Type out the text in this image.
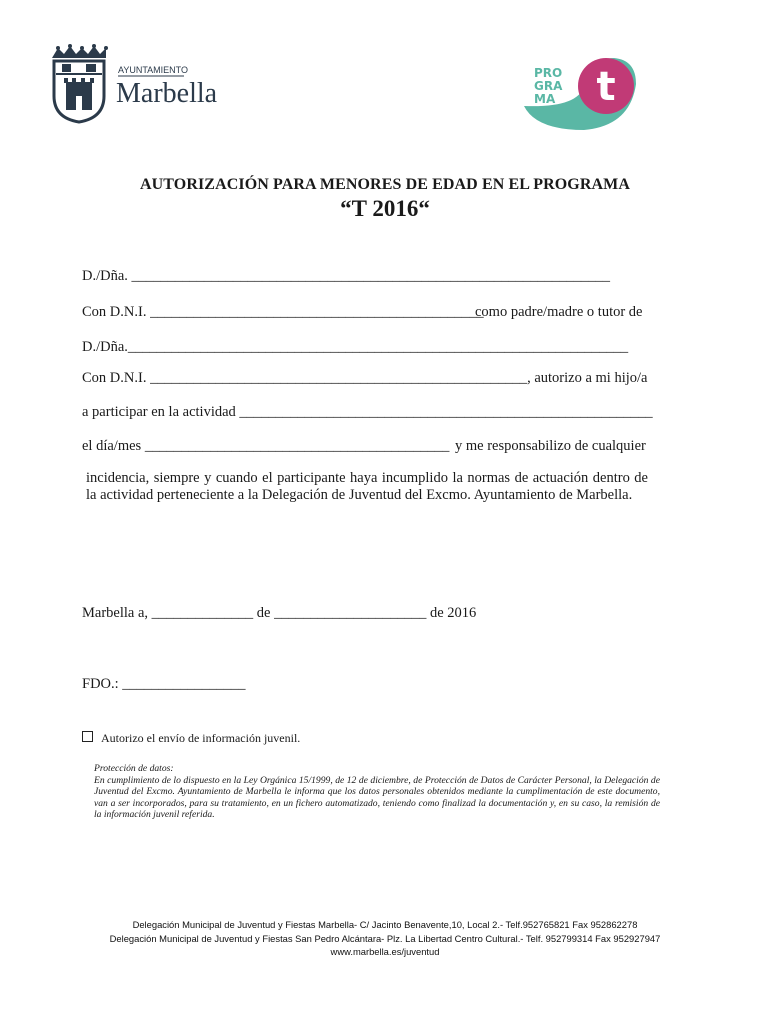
AYUNTAMIENTO
Marbella	t
PRO
GRA
MA
AUTORIZACIÓN PARA MENORES DE EDAD EN EL PROGRAMA
“T 2016“
D./Dña. __________________________________________________________________
Con D.N.I. ______________________________________________
como padre/madre o tutor de
D./Dña._____________________________________________________________________
Con D.N.I. ____________________________________________________, autorizo a mi hijo/a
a participar en la actividad _________________________________________________________
el día/mes __________________________________________ y me responsabilizo de cualquier
incidencia, siempre y cuando el participante haya incumplido la normas de actuación dentro de la actividad perteneciente a la Delegación de Juventud del Excmo. Ayuntamiento de Marbella.
Marbella a, ______________ de _____________________ de 2016
FDO.: _________________
Autorizo el envío de información juvenil.
Protección de datos:
En cumplimiento de lo dispuesto en la Ley Orgánica 15/1999, de 12 de diciembre, de Protección de Datos de Carácter Personal, la Delegación de Juventud del Excmo. Ayuntamiento de Marbella le informa que los datos personales obtenidos mediante la cumplimentación de este documento, van a ser incorporados, para su tratamiento, en un fichero automatizado, teniendo como finalizad la documentación y, en su caso, la remisión de la información juvenil referida.
Delegación Municipal de Juventud y Fiestas Marbella- C/ Jacinto Benavente,10, Local 2.- Telf.952765821 Fax 952862278
Delegación Municipal de Juventud y Fiestas San Pedro Alcántara- Plz. La Libertad Centro Cultural.- Telf. 952799314 Fax 952927947
www.marbella.es/juventud
